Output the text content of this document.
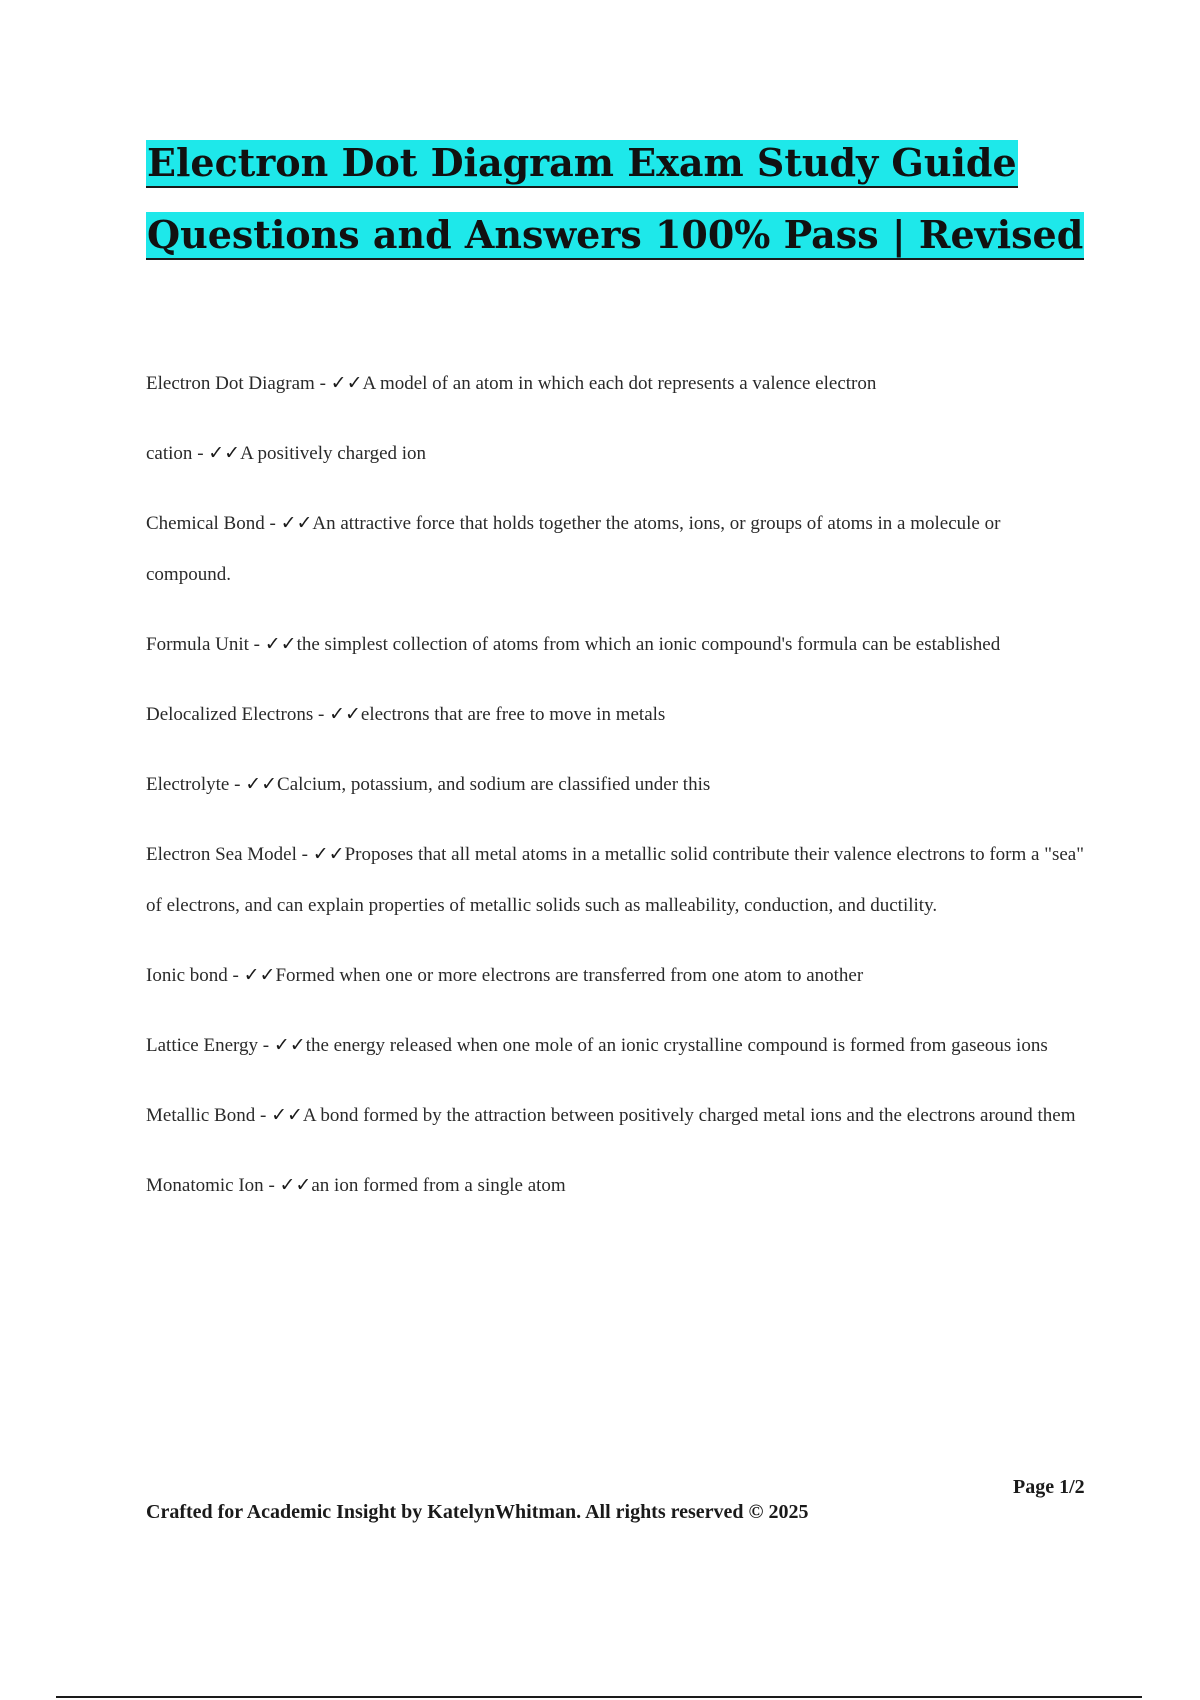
Electron Dot Diagram Exam Study Guide
Questions and Answers 100% Pass | Revised

Electron Dot Diagram - ✓✓A model of an atom in which each dot represents a valence electron

cation - ✓✓A positively charged ion

Chemical Bond - ✓✓An attractive force that holds together the atoms, ions, or groups of atoms in a molecule or compound.

Formula Unit - ✓✓the simplest collection of atoms from which an ionic compound's formula can be established

Delocalized Electrons - ✓✓electrons that are free to move in metals

Electrolyte - ✓✓Calcium, potassium, and sodium are classified under this

Electron Sea Model - ✓✓Proposes that all metal atoms in a metallic solid contribute their valence electrons to form a "sea" of electrons, and can explain properties of metallic solids such as malleability, conduction, and ductility.

Ionic bond - ✓✓Formed when one or more electrons are transferred from one atom to another

Lattice Energy - ✓✓the energy released when one mole of an ionic crystalline compound is formed from gaseous ions

Metallic Bond - ✓✓A bond formed by the attraction between positively charged metal ions and the electrons around them

Monatomic Ion - ✓✓an ion formed from a single atom

Page 1/2
Crafted for Academic Insight by KatelynWhitman. All rights reserved © 2025
